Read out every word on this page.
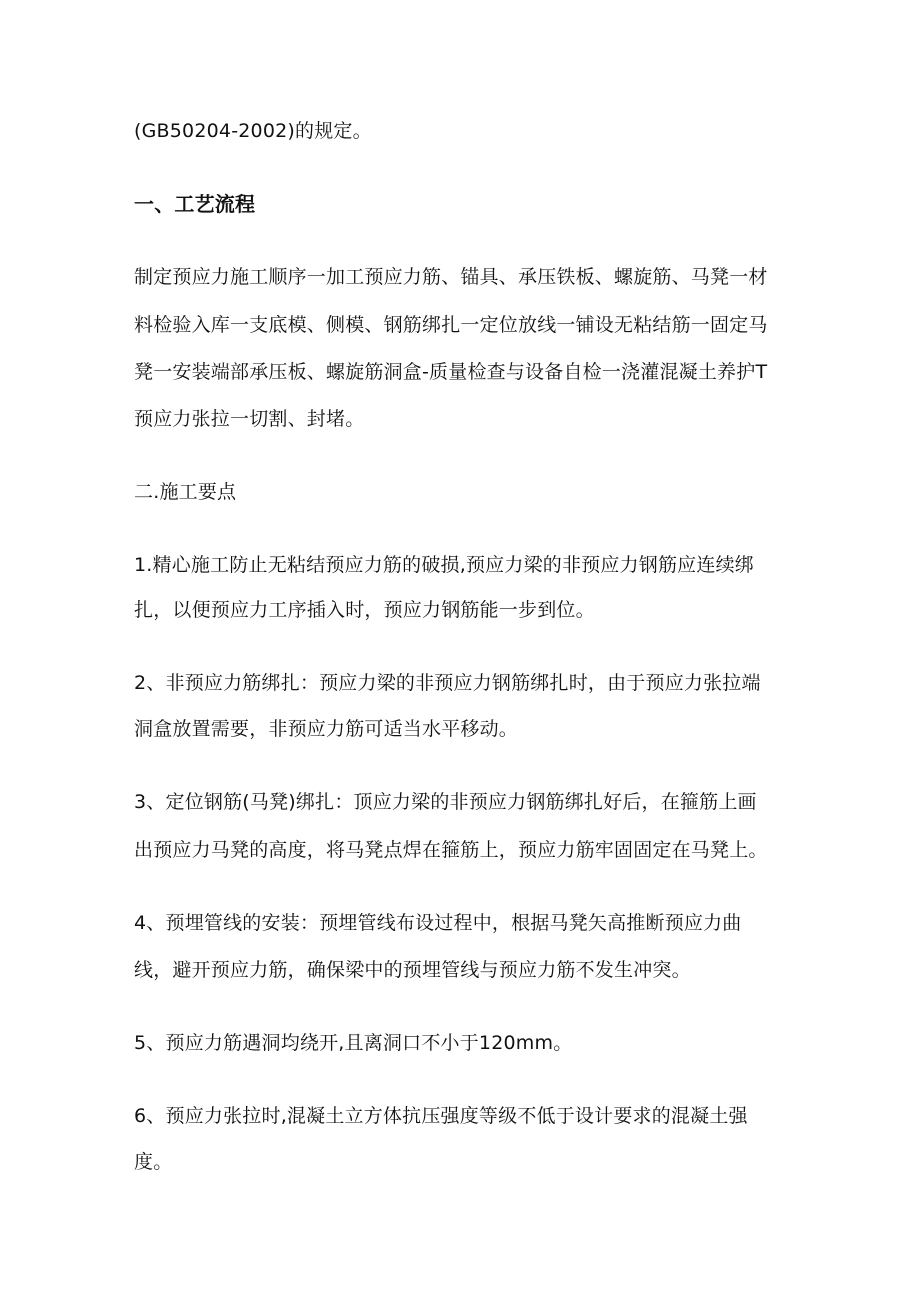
(GB50204-2002)的规定。
一、工艺流程
制定预应力施工顺序一加工预应力筋、锚具、承压铁板、螺旋筋、马凳一材
料检验入库一支底模、侧模、钢筋绑扎一定位放线一铺设无粘结筋一固定马
凳一安装端部承压板、螺旋筋洞盒-质量检查与设备自检一浇灌混凝土养护T
预应力张拉一切割、封堵。
二.施工要点
1.精心施工防止无粘结预应力筋的破损,预应力梁的非预应力钢筋应连续绑
扎，以便预应力工序插入时，预应力钢筋能一步到位。
2、非预应力筋绑扎：预应力梁的非预应力钢筋绑扎时，由于预应力张拉端
洞盒放置需要，非预应力筋可适当水平移动。
3、定位钢筋(马凳)绑扎：顶应力梁的非预应力钢筋绑扎好后，在箍筋上画
出预应力马凳的高度，将马凳点焊在箍筋上，预应力筋牢固固定在马凳上。
4、预埋管线的安装：预埋管线布设过程中，根据马凳矢高推断预应力曲
线，避开预应力筋，确保梁中的预埋管线与预应力筋不发生冲突。
5、预应力筋遇洞均绕开,且离洞口不小于120mm。
6、预应力张拉时,混凝土立方体抗压强度等级不低于设计要求的混凝土强
度。
